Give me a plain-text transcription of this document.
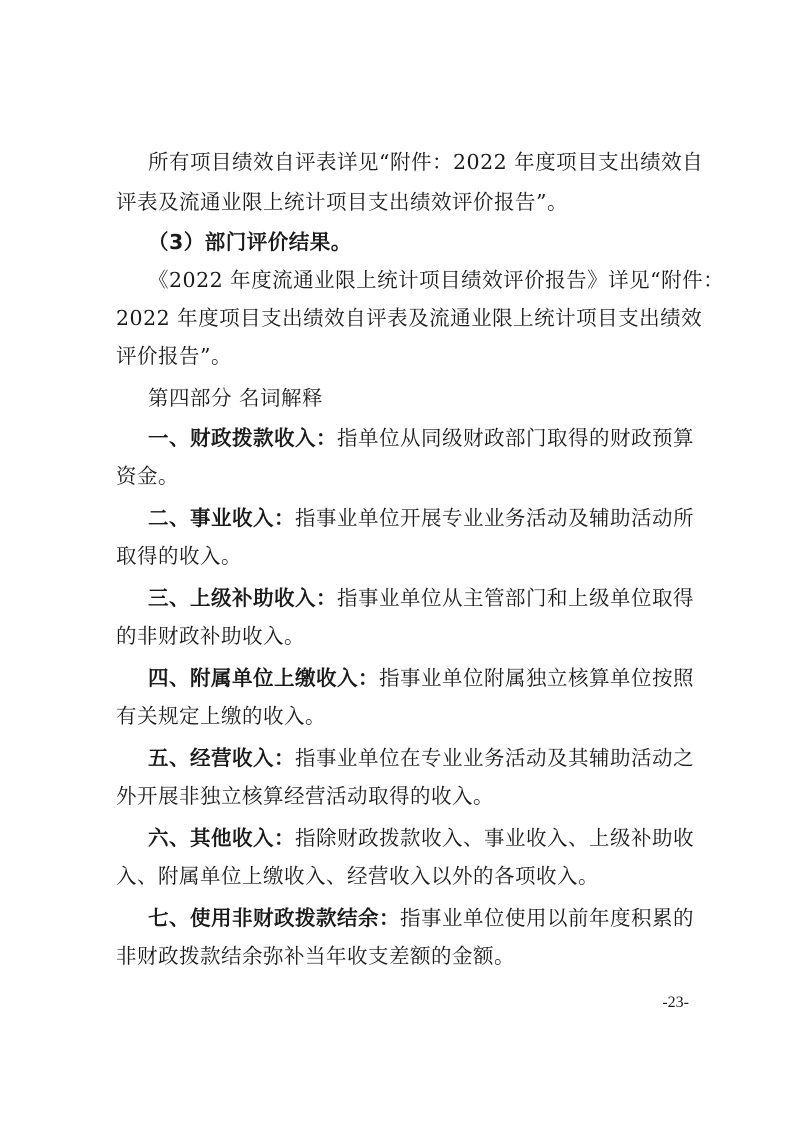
所有项目绩效自评表详见“附件：2022 年度项目支出绩效自
评表及流通业限上统计项目支出绩效评价报告”。
（3）部门评价结果。
《2022 年度流通业限上统计项目绩效评价报告》详见“附件：
2022 年度项目支出绩效自评表及流通业限上统计项目支出绩效
评价报告”。
第四部分 名词解释
一、财政拨款收入：指单位从同级财政部门取得的财政预算
资金。
二、事业收入：指事业单位开展专业业务活动及辅助活动所
取得的收入。
三、上级补助收入：指事业单位从主管部门和上级单位取得
的非财政补助收入。
四、附属单位上缴收入：指事业单位附属独立核算单位按照
有关规定上缴的收入。
五、经营收入：指事业单位在专业业务活动及其辅助活动之
外开展非独立核算经营活动取得的收入。
六、其他收入：指除财政拨款收入、事业收入、上级补助收
入、附属单位上缴收入、经营收入以外的各项收入。
七、使用非财政拨款结余：指事业单位使用以前年度积累的
非财政拨款结余弥补当年收支差额的金额。
-23-
